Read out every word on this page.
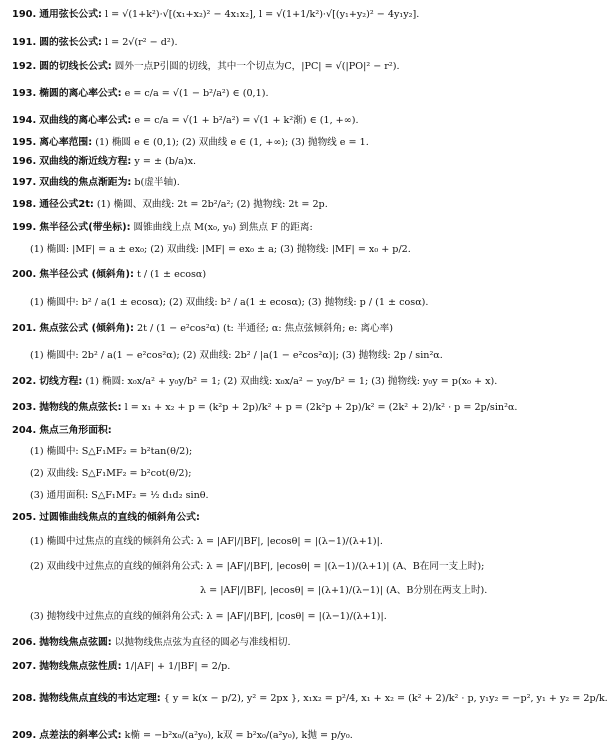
190. 通用弦长公式: l = √(1+k²)·√[(x₁+x₂)² − 4x₁x₂], l = √(1+1/k²)·√[(y₁+y₂)² − 4y₁y₂].
191. 圆的弦长公式: l = 2√(r² − d²).
192. 圆的切线长公式: 圆外一点P引圆的切线，其中一个切点为C，|PC| = √(|PO|² − r²).
193. 椭圆的离心率公式: e = c/a = √(1 − b²/a²) ∈ (0,1).
194. 双曲线的离心率公式: e = c/a = √(1 + b²/a²) = √(1 + k²渐) ∈ (1, +∞).
195. 离心率范围: (1) 椭圆 e ∈ (0,1); (2) 双曲线 e ∈ (1, +∞); (3) 抛物线 e = 1.
196. 双曲线的渐近线方程: y = ± (b/a)x.
197. 双曲线的焦点渐距为: b(虚半轴).
198. 通径公式2t: (1) 椭圆、双曲线: 2t = 2b²/a²; (2) 抛物线: 2t = 2p.
199. 焦半径公式(带坐标): 圆锥曲线上点 M(x₀, y₀) 到焦点 F 的距离:
(1) 椭圆: |MF| = a ± ex₀; (2) 双曲线: |MF| = ex₀ ± a; (3) 抛物线: |MF| = x₀ + p/2.
200. 焦半径公式 (倾斜角): t / (1 ± ecosα)
(1) 椭圆中: b² / a(1 ± ecosα); (2) 双曲线: b² / a(1 ± ecosα); (3) 抛物线: p / (1 ± cosα).
201. 焦点弦公式 (倾斜角): 2t / (1 − e²cos²α) (t: 半通径; α: 焦点弦倾斜角; e: 离心率)
(1) 椭圆中: 2b² / a(1 − e²cos²α); (2) 双曲线: 2b² / |a(1 − e²cos²α)|; (3) 抛物线: 2p / sin²α.
202. 切线方程: (1) 椭圆: x₀x/a² + y₀y/b² = 1; (2) 双曲线: x₀x/a² − y₀y/b² = 1; (3) 抛物线: y₀y = p(x₀ + x).
203. 抛物线的焦点弦长: l = x₁ + x₂ + p = (k²p + 2p)/k² + p = (2k²p + 2p)/k² = (2k² + 2)/k² · p = 2p/sin²α.
204. 焦点三角形面积:
(1) 椭圆中: S△F₁MF₂ = b²tan(θ/2);
(2) 双曲线: S△F₁MF₂ = b²cot(θ/2);
(3) 通用面积: S△F₁MF₂ = ½ d₁d₂ sinθ.
205. 过圆锥曲线焦点的直线的倾斜角公式:
(1) 椭圆中过焦点的直线的倾斜角公式: λ = |AF|/|BF|, |ecosθ| = |(λ−1)/(λ+1)|.
(2) 双曲线中过焦点的直线的倾斜角公式: λ = |AF|/|BF|, |ecosθ| = |(λ−1)/(λ+1)| (A、B在同一支上时);
λ = |AF|/|BF|, |ecosθ| = |(λ+1)/(λ−1)| (A、B分别在两支上时).
(3) 抛物线中过焦点的直线的倾斜角公式: λ = |AF|/|BF|, |cosθ| = |(λ−1)/(λ+1)|.
206. 抛物线焦点弦圆: 以抛物线焦点弦为直径的圆必与准线相切.
207. 抛物线焦点弦性质: 1/|AF| + 1/|BF| = 2/p.
208. 抛物线焦点直线的韦达定理: { y = k(x − p/2), y² = 2px }, x₁x₂ = p²/4, x₁ + x₂ = (k² + 2)/k² · p, y₁y₂ = −p², y₁ + y₂ = 2p/k.
209. 点差法的斜率公式: k椭 = −b²x₀/(a²y₀), k双 = b²x₀/(a²y₀), k抛 = p/y₀.
